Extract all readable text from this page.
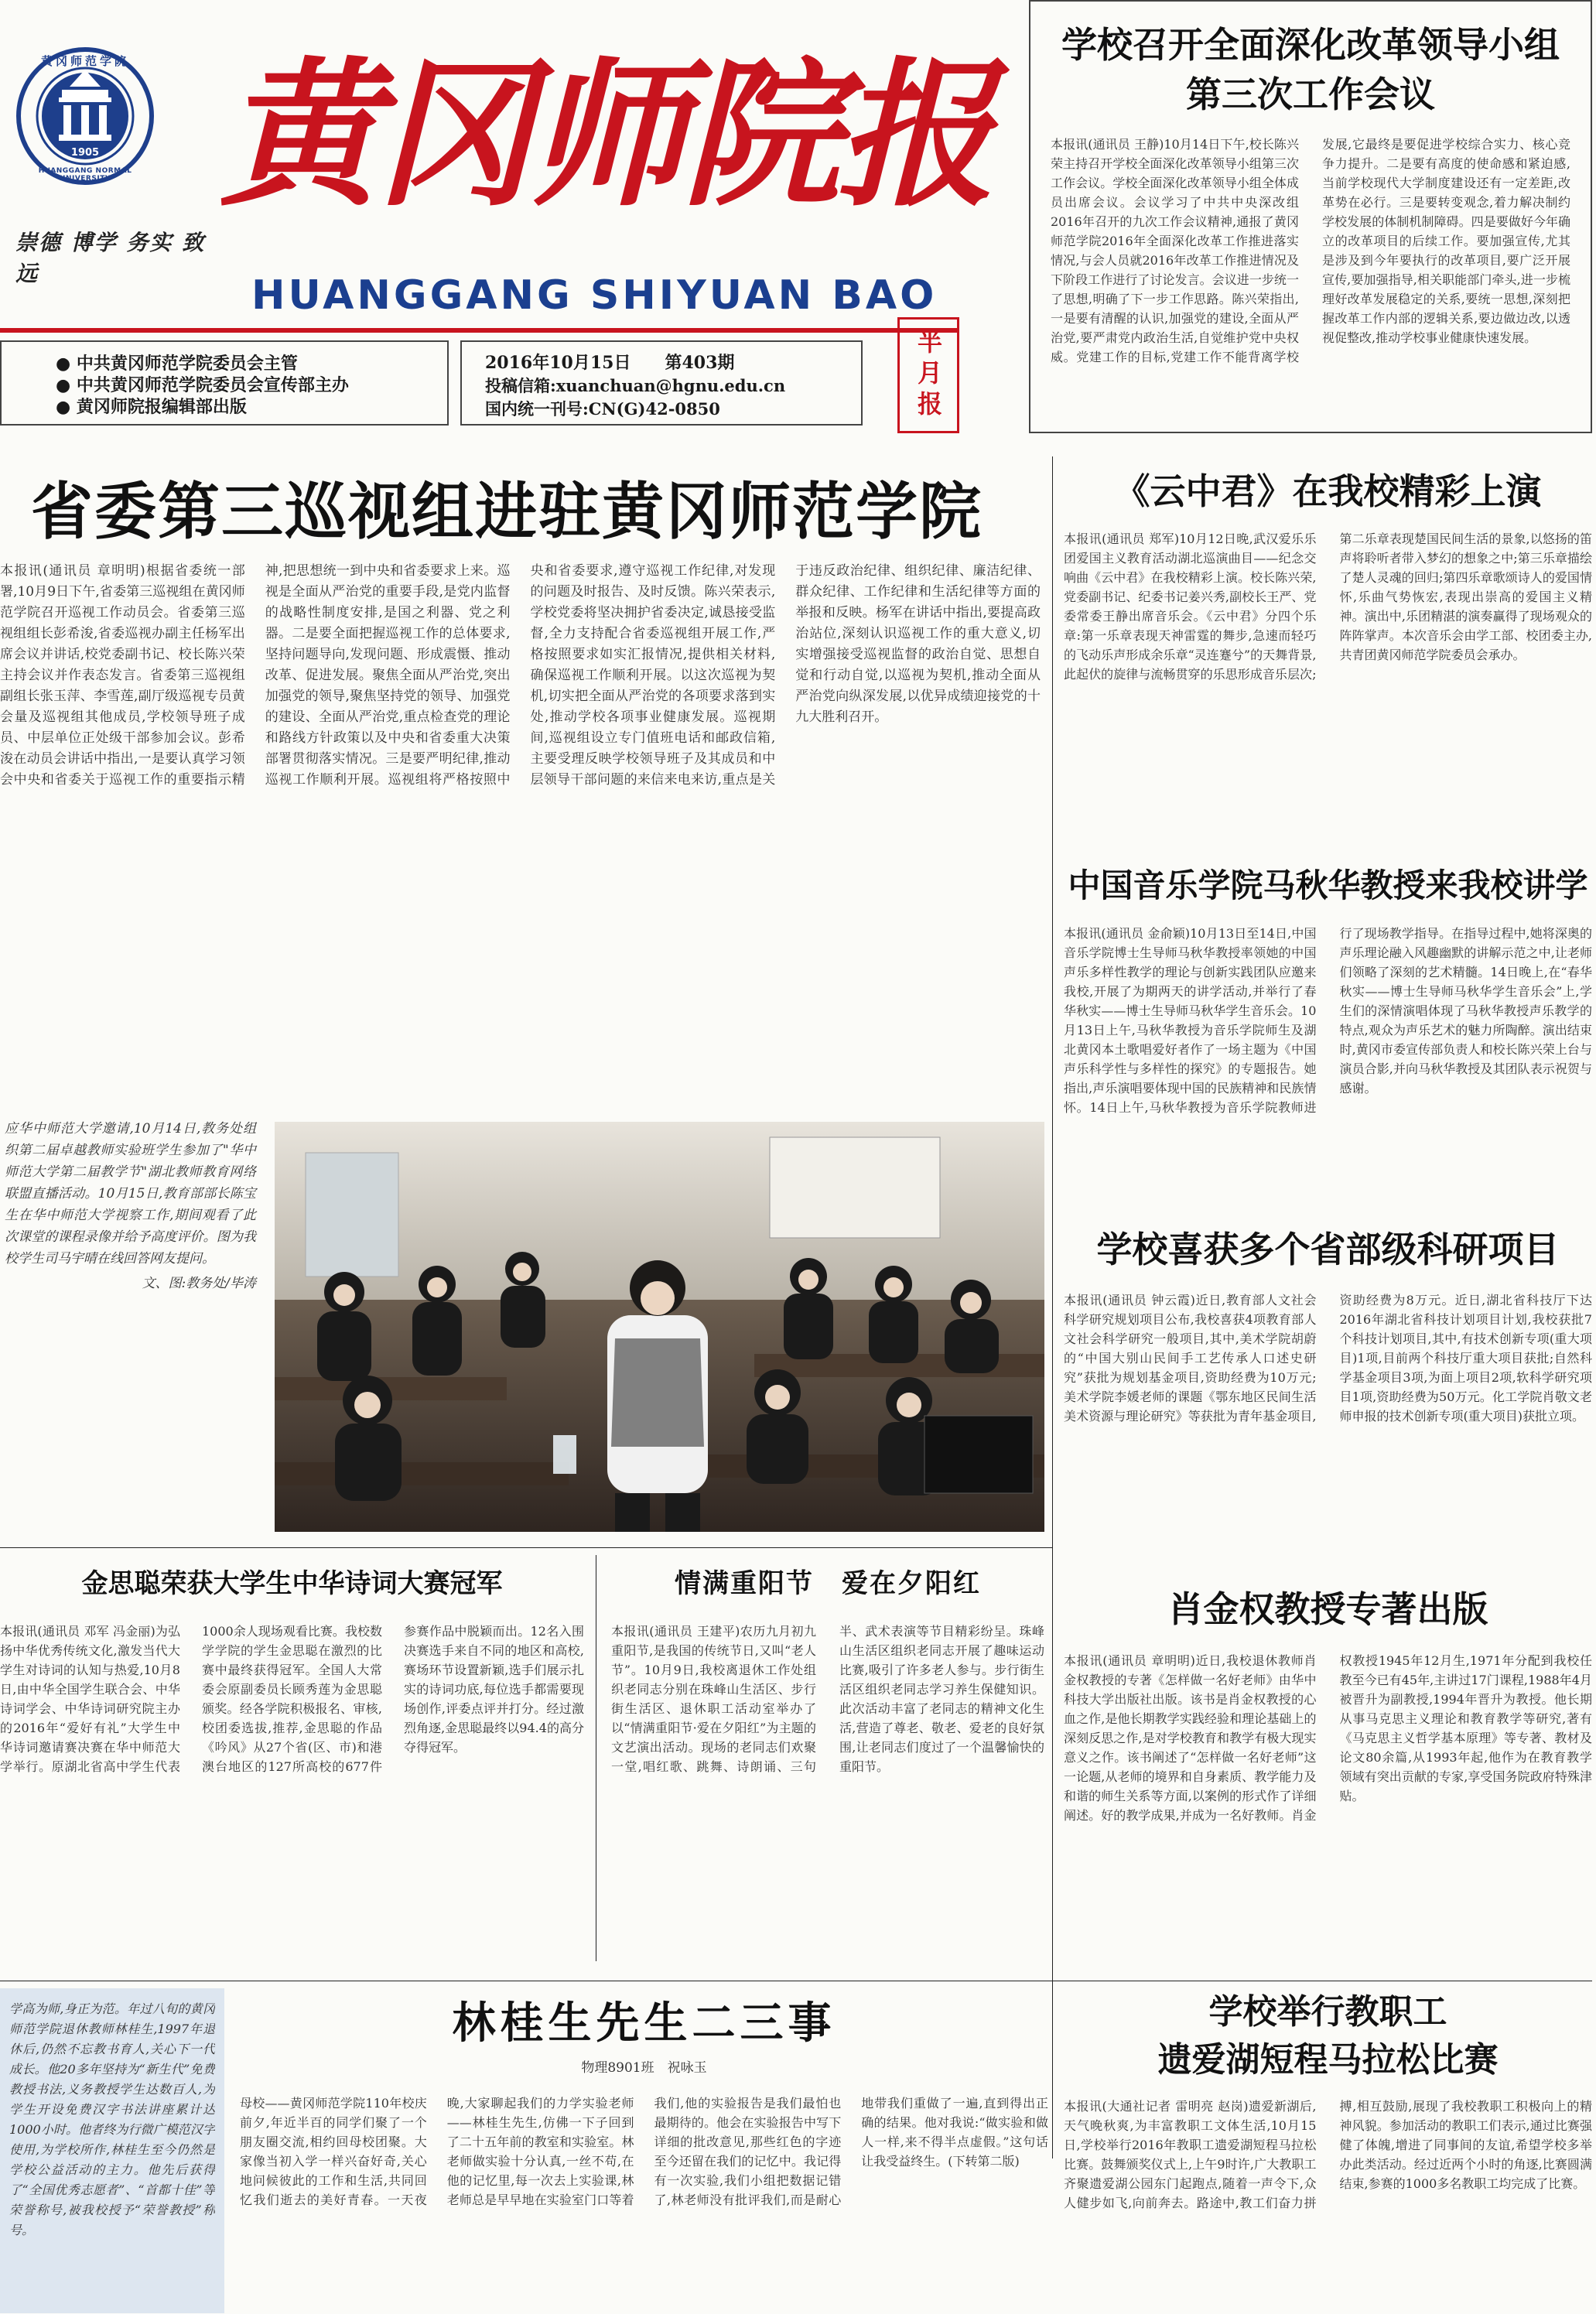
1905
黄冈师范学院
HUANGGANG NORMAL UNIVERSITY 黄冈师院报
崇德 博学 务实 致远	HUANGGANG SHIYUAN BAO
● 中共黄冈师范学院委员会主管
● 中共黄冈师范学院委员会宣传部主办
● 黄冈师院报编辑部出版
2016年10月15日　　第403期
投稿信箱:xuanchuan@hgnu.edu.cn
国内统一刊号:CN(G)42-0850	半月报
学校召开全面深化改革领导小组
第三次工作会议
本报讯(通讯员 王静)10月14日下午,校长陈兴荣主持召开学校全面深化改革领导小组第三次工作会议。学校全面深化改革领导小组全体成员出席会议。会议学习了中共中央深改组2016年召开的九次工作会议精神,通报了黄冈师范学院2016年全面深化改革工作推进落实情况,与会人员就2016年改革工作推进情况及下阶段工作进行了讨论发言。会议进一步统一了思想,明确了下一步工作思路。陈兴荣指出,一是要有清醒的认识,加强党的建设,全面从严治党,要严肃党内政治生活,自觉维护党中央权威。党建工作的目标,党建工作不能背离学校发展,它最终是要促进学校综合实力、核心竞争力提升。二是要有高度的使命感和紧迫感,当前学校现代大学制度建设还有一定差距,改革势在必行。三是要转变观念,着力解决制约学校发展的体制机制障碍。四是要做好今年确立的改革项目的后续工作。要加强宣传,尤其是涉及到今年要执行的改革项目,要广泛开展宣传,要加强指导,相关职能部门牵头,进一步梳理好改革发展稳定的关系,要统一思想,深刻把握改革工作内部的逻辑关系,要边做边改,以透视促整改,推动学校事业健康快速发展。
省委第三巡视组进驻黄冈师范学院
本报讯(通讯员 章明明)根据省委统一部署,10月9日下午,省委第三巡视组在黄冈师范学院召开巡视工作动员会。省委第三巡视组组长彭希浚,省委巡视办副主任杨军出席会议并讲话,校党委副书记、校长陈兴荣主持会议并作表态发言。省委第三巡视组副组长张玉萍、李雪莲,副厅级巡视专员黄会量及巡视组其他成员,学校领导班子成员、中层单位正处级干部参加会议。彭希浚在动员会讲话中指出,一是要认真学习领会中央和省委关于巡视工作的重要指示精神,把思想统一到中央和省委要求上来。巡视是全面从严治党的重要手段,是党内监督的战略性制度安排,是国之利器、党之利器。二是要全面把握巡视工作的总体要求,坚持问题导向,发现问题、形成震慑、推动改革、促进发展。聚焦全面从严治党,突出加强党的领导,聚焦坚持党的领导、加强党的建设、全面从严治党,重点检查党的理论和路线方针政策以及中央和省委重大决策部署贯彻落实情况。三是要严明纪律,推动巡视工作顺利开展。巡视组将严格按照中央和省委要求,遵守巡视工作纪律,对发现的问题及时报告、及时反馈。陈兴荣表示,学校党委将坚决拥护省委决定,诚恳接受监督,全力支持配合省委巡视组开展工作,严格按照要求如实汇报情况,提供相关材料,确保巡视工作顺利开展。以这次巡视为契机,切实把全面从严治党的各项要求落到实处,推动学校各项事业健康发展。巡视期间,巡视组设立专门值班电话和邮政信箱,主要受理反映学校领导班子及其成员和中层领导干部问题的来信来电来访,重点是关于违反政治纪律、组织纪律、廉洁纪律、群众纪律、工作纪律和生活纪律等方面的举报和反映。杨军在讲话中指出,要提高政治站位,深刻认识巡视工作的重大意义,切实增强接受巡视监督的政治自觉、思想自觉和行动自觉,以巡视为契机,推动全面从严治党向纵深发展,以优异成绩迎接党的十九大胜利召开。
应华中师范大学邀请,10月14日,教务处组织第二届卓越教师实验班学生参加了"华中师范大学第二届教学节"湖北教师教育网络联盟直播活动。10月15日,教育部部长陈宝生在华中师范大学视察工作,期间观看了此次课堂的课程录像并给予高度评价。图为我校学生司马宇晴在线回答网友提问。
文、图:教务处/毕涛
《云中君》在我校精彩上演
本报讯(通讯员 郑军)10月12日晚,武汉爱乐乐团爱国主义教育活动湖北巡演曲目——纪念交响曲《云中君》在我校精彩上演。校长陈兴荣,党委副书记、纪委书记姜兴秀,副校长王严、党委常委王静出席音乐会。《云中君》分四个乐章:第一乐章表现天神雷霆的舞步,急速而轻巧的飞动乐声形成余乐章“灵连蹇兮”的天舞背景,此起伏的旋律与流畅贯穿的乐思形成音乐层次;第二乐章表现楚国民间生活的景象,以悠扬的笛声将聆听者带入梦幻的想象之中;第三乐章描绘了楚人灵魂的回归;第四乐章歌颂诗人的爱国情怀,乐曲气势恢宏,表现出崇高的爱国主义精神。演出中,乐团精湛的演奏赢得了现场观众的阵阵掌声。本次音乐会由学工部、校团委主办,共青团黄冈师范学院委员会承办。
中国音乐学院马秋华教授来我校讲学
本报讯(通讯员 金俞颖)10月13日至14日,中国音乐学院博士生导师马秋华教授率领她的中国声乐多样性教学的理论与创新实践团队应邀来我校,开展了为期两天的讲学活动,并举行了春华秋实——博士生导师马秋华学生音乐会。10月13日上午,马秋华教授为音乐学院师生及湖北黄冈本土歌唱爱好者作了一场主题为《中国声乐科学性与多样性的探究》的专题报告。她指出,声乐演唱要体现中国的民族精神和民族情怀。14日上午,马秋华教授为音乐学院教师进行了现场教学指导。在指导过程中,她将深奥的声乐理论融入风趣幽默的讲解示范之中,让老师们领略了深刻的艺术精髓。14日晚上,在“春华秋实——博士生导师马秋华学生音乐会”上,学生们的深情演唱体现了马秋华教授声乐教学的特点,观众为声乐艺术的魅力所陶醉。演出结束时,黄冈市委宣传部负责人和校长陈兴荣上台与演员合影,并向马秋华教授及其团队表示祝贺与感谢。
学校喜获多个省部级科研项目
本报讯(通讯员 钟云霞)近日,教育部人文社会科学研究规划项目公布,我校喜获4项教育部人文社会科学研究一般项目,其中,美术学院胡蔚的“中国大别山民间手工艺传承人口述史研究”获批为规划基金项目,资助经费为10万元;美术学院李媛老师的课题《鄂东地区民间生活美术资源与理论研究》等获批为青年基金项目,资助经费为8万元。近日,湖北省科技厅下达2016年湖北省科技计划项目计划,我校获批7个科技计划项目,其中,有技术创新专项(重大项目)1项,目前两个科技厅重大项目获批;自然科学基金项目3项,为面上项目2项,软科学研究项目1项,资助经费为50万元。化工学院肖敬文老师申报的技术创新专项(重大项目)获批立项。
肖金权教授专著出版
本报讯(通讯员 章明明)近日,我校退休教师肖金权教授的专著《怎样做一名好老师》由华中科技大学出版社出版。该书是肖金权教授的心血之作,是他长期教学实践经验和理论基础上的深刻反思之作,是对学校教育和教学有极大现实意义之作。该书阐述了“怎样做一名好老师”这一论题,从老师的境界和自身素质、教学能力及和谐的师生关系等方面,以案例的形式作了详细阐述。好的教学成果,并成为一名好教师。肖金权教授1945年12月生,1971年分配到我校任教至今已有45年,主讲过17门课程,1988年4月被晋升为副教授,1994年晋升为教授。他长期从事马克思主义理论和教育教学等研究,著有《马克思主义哲学基本原理》等专著、教材及论文80余篇,从1993年起,他作为在教育教学领域有突出贡献的专家,享受国务院政府特殊津贴。
金思聪荣获大学生中华诗词大赛冠军
本报讯(通讯员 邓军 冯金丽)为弘扬中华优秀传统文化,激发当代大学生对诗词的认知与热爱,10月8日,由中华全国学生联合会、中华诗词学会、中华诗词研究院主办的2016年“爱好有礼”大学生中华诗词邀请赛决赛在华中师范大学举行。原湖北省高中学生代表1000余人现场观看比赛。我校数学学院的学生金思聪在激烈的比赛中最终获得冠军。全国人大常委会原副委员长顾秀莲为金思聪颁奖。经各学院积极报名、审核,校团委选拔,推荐,金思聪的作品《吟风》从27个省(区、市)和港澳台地区的127所高校的677件参赛作品中脱颖而出。12名入围决赛选手来自不同的地区和高校,赛场环节设置新颖,选手们展示扎实的诗词功底,每位选手都需要现场创作,评委点评并打分。经过激烈角逐,金思聪最终以94.4的高分夺得冠军。
情满重阳节　爱在夕阳红
本报讯(通讯员 王建平)农历九月初九重阳节,是我国的传统节日,又叫“老人节”。10月9日,我校离退休工作处组织老同志分别在珠峰山生活区、步行街生活区、退休职工活动室举办了以“情满重阳节·爱在夕阳红”为主题的文艺演出活动。现场的老同志们欢聚一堂,唱红歌、跳舞、诗朗诵、三句半、武术表演等节目精彩纷呈。珠峰山生活区组织老同志开展了趣味运动比赛,吸引了许多老人参与。步行街生活区组织老同志学习养生保健知识。此次活动丰富了老同志的精神文化生活,营造了尊老、敬老、爱老的良好氛围,让老同志们度过了一个温馨愉快的重阳节。
学高为师,身正为范。年过八旬的黄冈师范学院退休教师林桂生,1997年退休后,仍然不忘教书育人,关心下一代成长。他20多年坚持为“新生代”免费教授书法,义务教授学生达数百人,为学生开设免费汉字书法讲座累计达1000小时。他者终为行微广模范汉字使用,为学校所作,林桂生至今仍然是学校公益活动的主力。他先后获得了“全国优秀志愿者”、“首都十佳”等荣誉称号,被我校授予“荣誉教授”称号。
林桂生先生二三事
物理8901班　祝咏玉
母校——黄冈师范学院110年校庆前夕,年近半百的同学们聚了一个朋友圈交流,相约回母校团聚。大家像当初入学一样兴奋好奇,关心地问候彼此的工作和生活,共同回忆我们逝去的美好青春。一天夜晚,大家聊起我们的力学实验老师——林桂生先生,仿佛一下子回到了二十五年前的教室和实验室。林老师做实验十分认真,一丝不苟,在他的记忆里,每一次去上实验课,林老师总是早早地在实验室门口等着我们,他的实验报告是我们最怕也最期待的。他会在实验报告中写下详细的批改意见,那些红色的字迹至今还留在我们的记忆中。我记得有一次实验,我们小组把数据记错了,林老师没有批评我们,而是耐心地带我们重做了一遍,直到得出正确的结果。他对我说:“做实验和做人一样,来不得半点虚假。”这句话让我受益终生。(下转第二版)
学校举行教职工
遗爱湖短程马拉松比赛
本报讯(大通社记者 雷明亮 赵岗)遗爱新湖后,天气晚秋爽,为丰富教职工文体生活,10月15日,学校举行2016年教职工遗爱湖短程马拉松比赛。鼓舞颁奖仪式上,上午9时许,广大教职工齐聚遗爱湖公园东门起跑点,随着一声令下,众人健步如飞,向前奔去。路途中,教工们奋力拼搏,相互鼓励,展现了我校教职工积极向上的精神风貌。参加活动的教职工们表示,通过比赛强健了体魄,增进了同事间的友谊,希望学校多举办此类活动。经过近两个小时的角逐,比赛圆满结束,参赛的1000多名教职工均完成了比赛。
